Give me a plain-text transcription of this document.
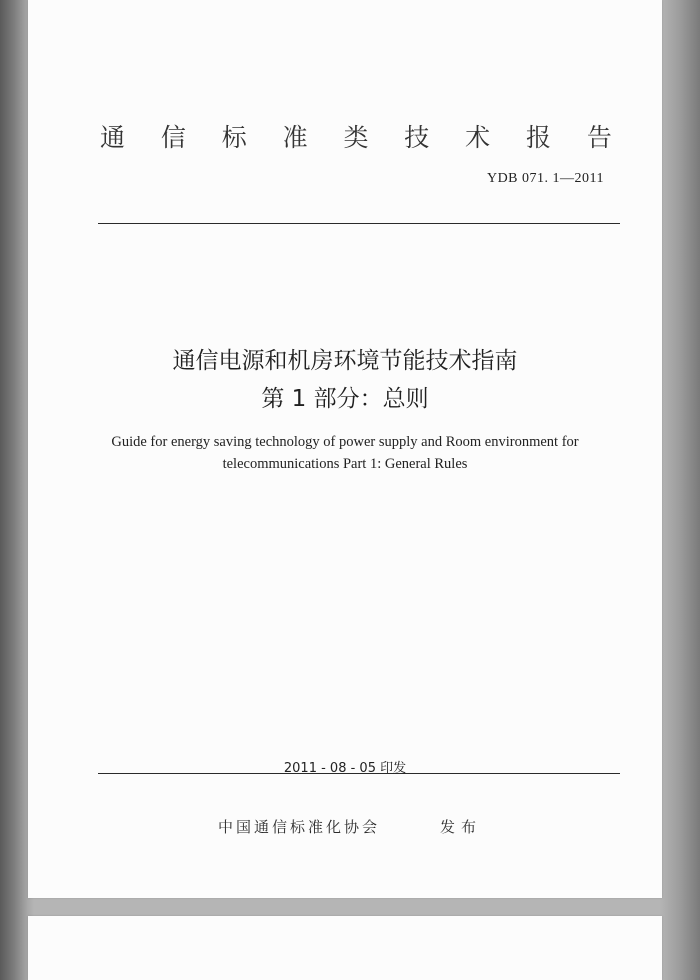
通 信 标 准 类 技 术 报 告
YDB 071. 1—2011
通信电源和机房环境节能技术指南
第 1 部分：总则
Guide for energy saving technology of power supply and Room environment for
telecommunications Part 1: General Rules
2011 - 08 - 05 印发
中国通信标准化协会	发布
